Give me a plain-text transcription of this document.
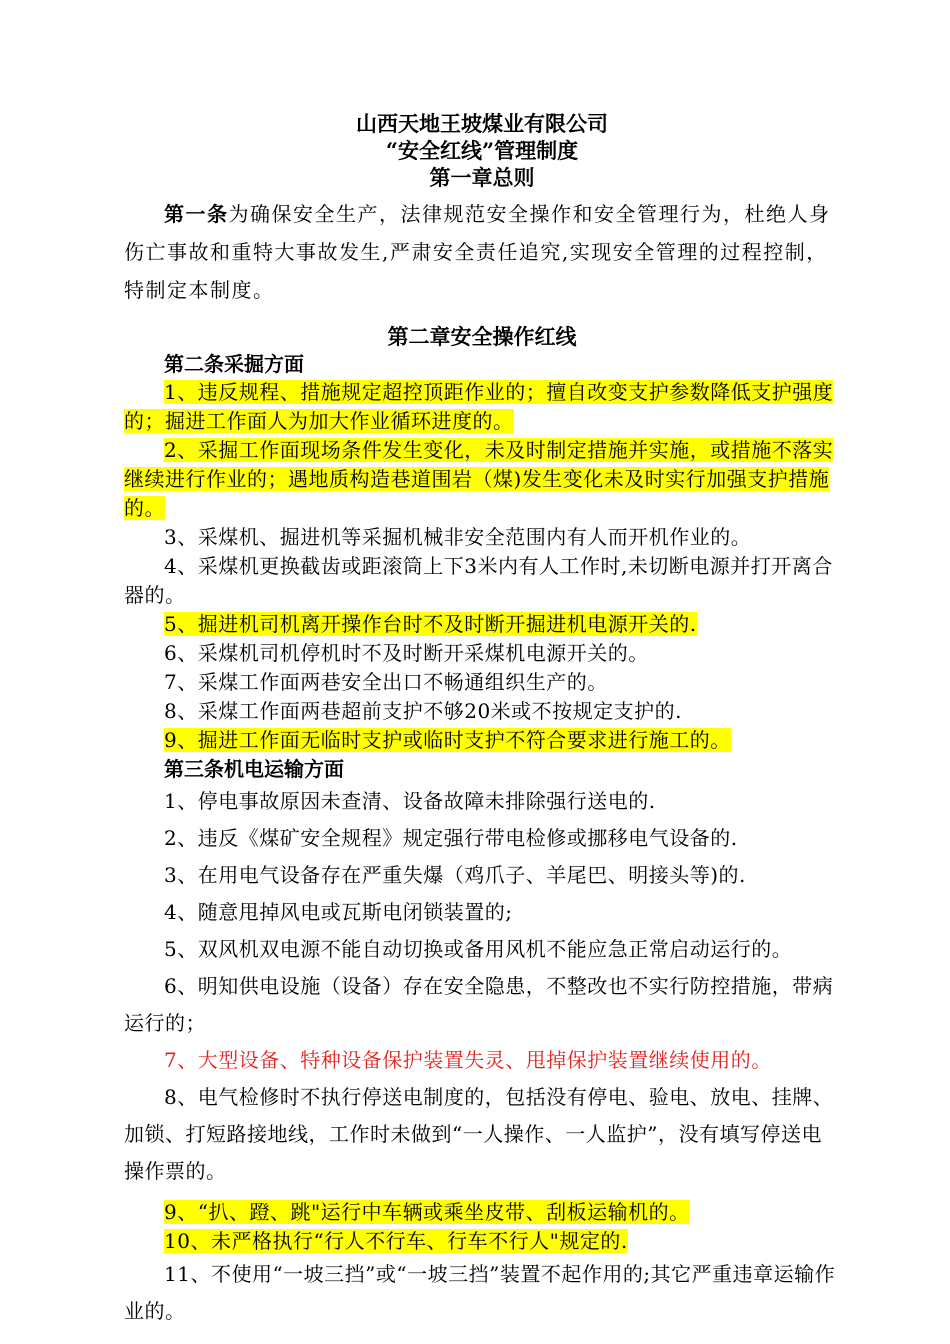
山西天地王坡煤业有限公司

“安全红线”管理制度

第一章总则

第一条为确保安全生产，法律规范安全操作和安全管理行为，杜绝人身伤亡事故和重特大事故发生,严肃安全责任追究,实现安全管理的过程控制，特制定本制度。

第二章安全操作红线

第二条采掘方面

1、违反规程、措施规定超控顶距作业的；擅自改变支护参数降低支护强度的；掘进工作面人为加大作业循环进度的。

2、采掘工作面现场条件发生变化，未及时制定措施并实施，或措施不落实继续进行作业的；遇地质构造巷道围岩（煤)发生变化未及时实行加强支护措施的。

3、采煤机、掘进机等采掘机械非安全范围内有人而开机作业的。

4、采煤机更换截齿或距滚筒上下3米内有人工作时,未切断电源并打开离合器的。

5、掘进机司机离开操作台时不及时断开掘进机电源开关的.

6、采煤机司机停机时不及时断开采煤机电源开关的。

7、采煤工作面两巷安全出口不畅通组织生产的。

8、采煤工作面两巷超前支护不够20米或不按规定支护的.

9、掘进工作面无临时支护或临时支护不符合要求进行施工的。

第三条机电运输方面

1、停电事故原因未查清、设备故障未排除强行送电的.

2、违反《煤矿安全规程》规定强行带电检修或挪移电气设备的.

3、在用电气设备存在严重失爆（鸡爪子、羊尾巴、明接头等)的.

4、随意甩掉风电或瓦斯电闭锁装置的;

5、双风机双电源不能自动切换或备用风机不能应急正常启动运行的。

6、明知供电设施（设备）存在安全隐患，不整改也不实行防控措施，带病运行的；

7、大型设备、特种设备保护装置失灵、甩掉保护装置继续使用的。

8、电气检修时不执行停送电制度的，包括没有停电、验电、放电、挂牌、加锁、打短路接地线，工作时未做到“一人操作、一人监护”，没有填写停送电操作票的。

9、“扒、蹬、跳"运行中车辆或乘坐皮带、刮板运输机的。

10、未严格执行“行人不行车、行车不行人"规定的.

11、不使用“一坡三挡”或“一坡三挡”装置不起作用的;其它严重违章运输作业的。
